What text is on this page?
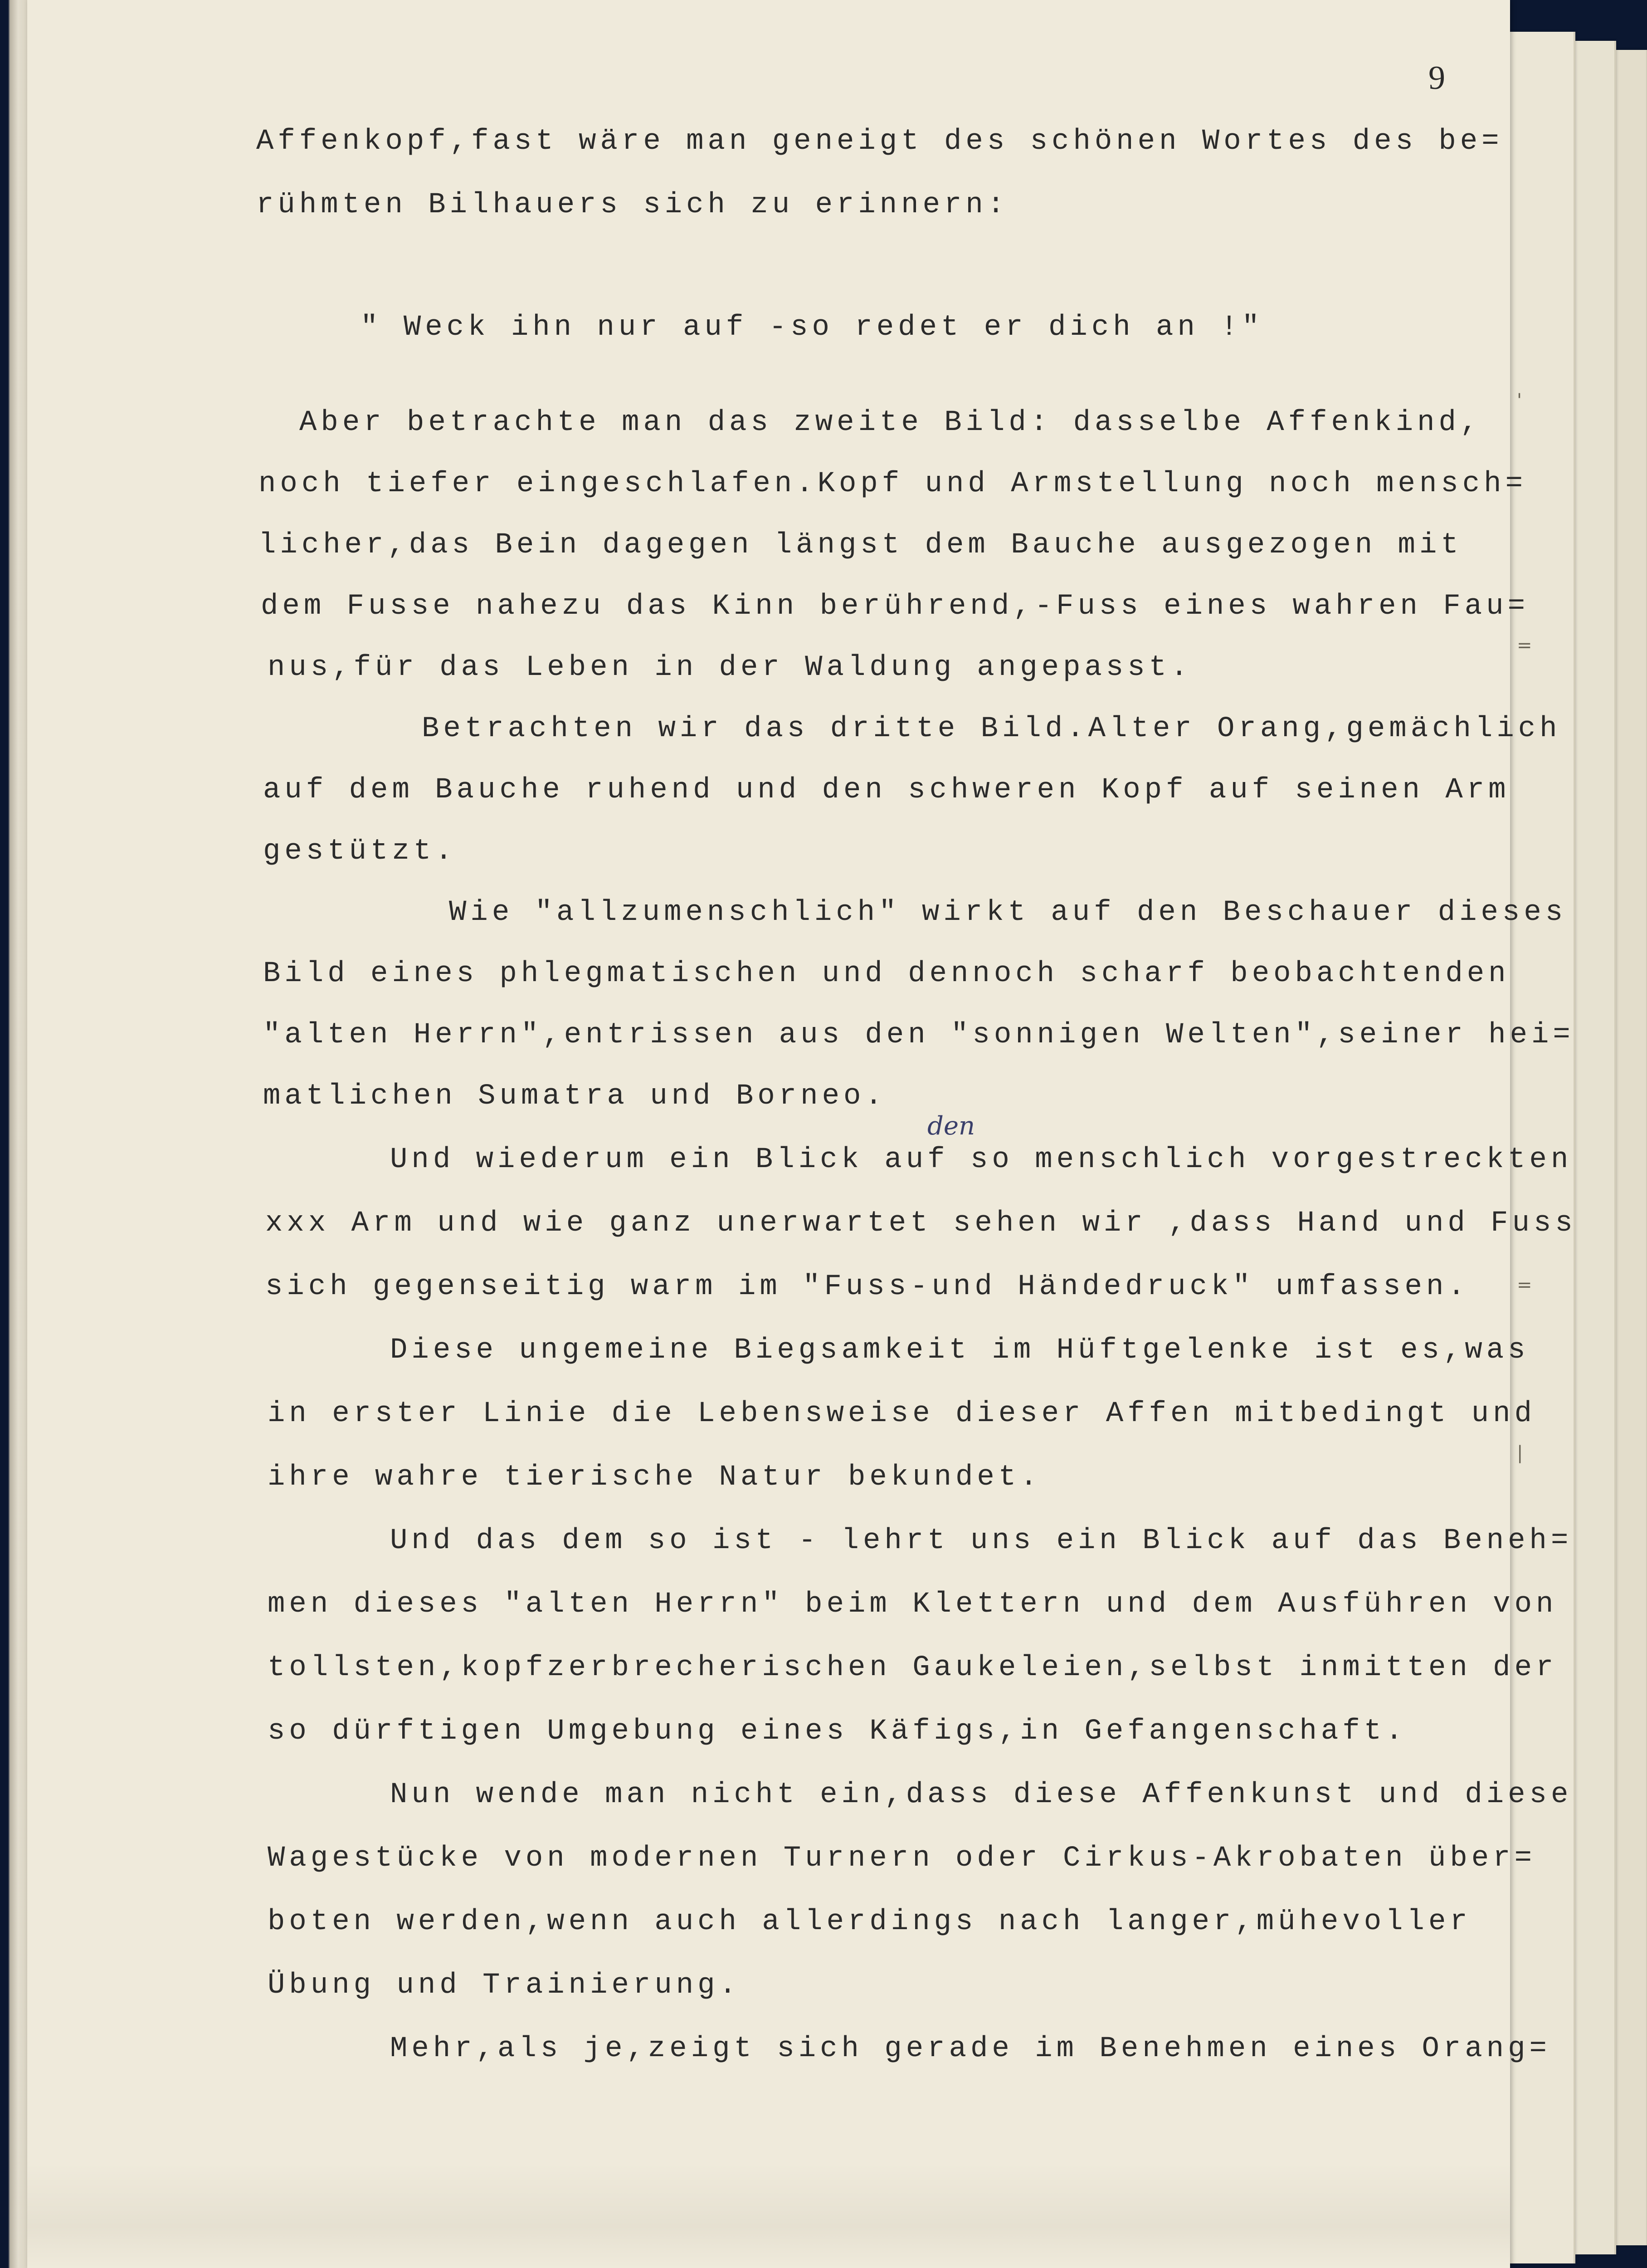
9
Affenkopf,fast wäre man geneigt des schönen Wortes des be=
rühmten Bilhauers sich zu erinnern:
" Weck ihn nur auf -so redet er dich an !"
Aber betrachte man das zweite Bild: dasselbe Affenkind,
noch tiefer eingeschlafen.Kopf und Armstellung noch mensch=
licher,das Bein dagegen längst dem Bauche ausgezogen mit
dem Fusse nahezu das Kinn berührend,-Fuss eines wahren Fau=
nus,für das Leben in der Waldung angepasst.
Betrachten wir das dritte Bild.Alter Orang,gemächlich
auf dem Bauche ruhend und den schweren Kopf auf seinen Arm
gestützt.
Wie "allzumenschlich" wirkt auf den Beschauer dieses
Bild eines phlegmatischen und dennoch scharf beobachtenden
"alten Herrn",entrissen aus den "sonnigen Welten",seiner hei=
matlichen Sumatra und Borneo.
den
Und wiederum ein Blick auf so menschlich vorgestreckten
xxx Arm und wie ganz unerwartet sehen wir ,dass Hand und Fuss
sich gegenseitig warm im "Fuss-und Händedruck" umfassen.
Diese ungemeine Biegsamkeit im Hüftgelenke ist es,was
in erster Linie die Lebensweise dieser Affen mitbedingt und
ihre wahre tierische Natur bekundet.
Und das dem so ist - lehrt uns ein Blick auf das Beneh=
men dieses "alten Herrn" beim Klettern und dem Ausführen von
tollsten,kopfzerbrecherischen Gaukeleien,selbst inmitten der
so dürftigen Umgebung eines Käfigs,in Gefangenschaft.
Nun wende man nicht ein,dass diese Affenkunst und diese
Wagestücke von modernen Turnern oder Cirkus-Akrobaten über=
boten werden,wenn auch allerdings nach langer,mühevoller
Übung und Trainierung.
Mehr,als je,zeigt sich gerade im Benehmen eines Orang=
'
=
=
|
